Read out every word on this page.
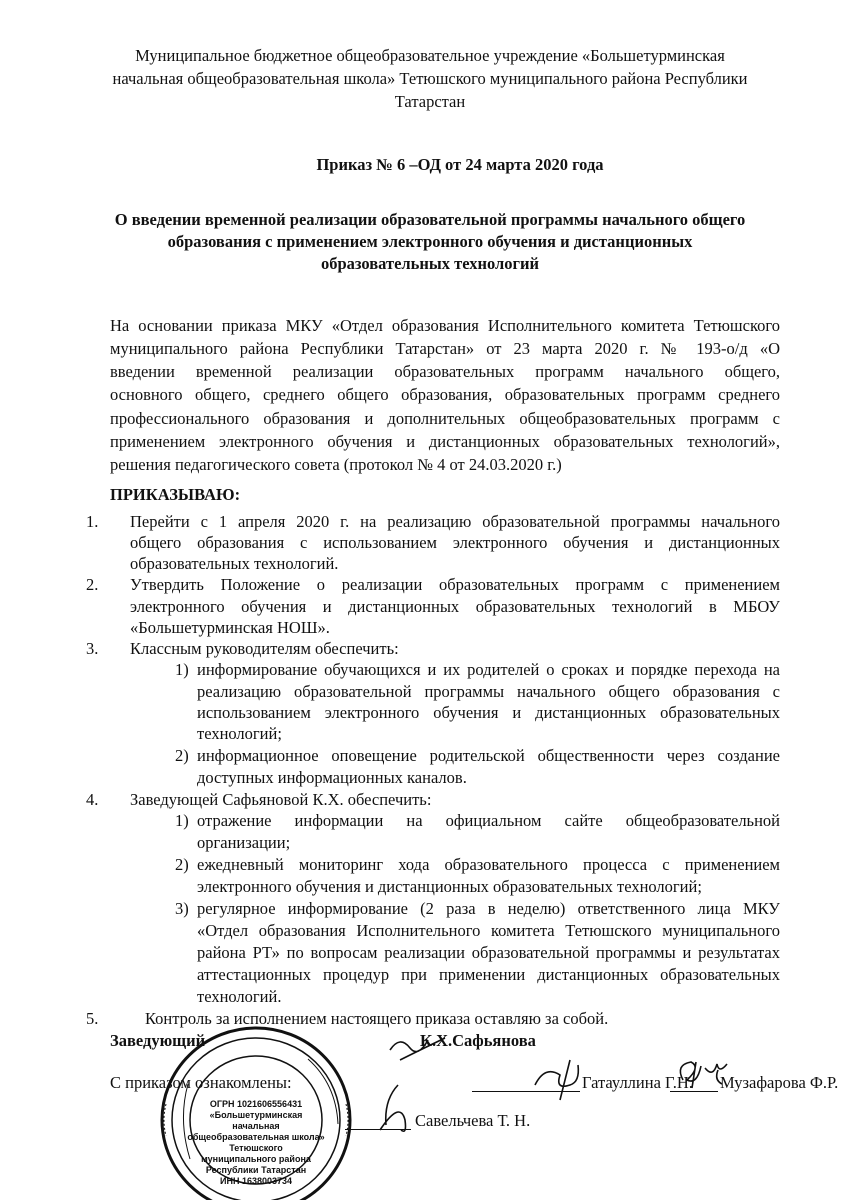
Муниципальное бюджетное общеобразовательное учреждение «Большетурминская
начальная общеобразовательная школа» Тетюшского муниципального района Республики
Татарстан
Приказ № 6 –ОД от 24 марта 2020 года
О введении временной реализации образовательной программы начального общего
образования с применением электронного обучения и дистанционных
образовательных технологий
На основании приказа МКУ «Отдел образования Исполнительного комитета Тетюшского
муниципального района Республики Татарстан» от 23 марта 2020 г. № 193-о/д «О
введении временной реализации образовательных программ начального общего,
основного общего, среднего общего образования, образовательных программ среднего
профессионального образования и дополнительных общеобразовательных программ с
применением электронного обучения и дистанционных образовательных технологий»,
решения педагогического совета (протокол № 4 от 24.03.2020 г.)
ПРИКАЗЫВАЮ:
1. Перейти с 1 апреля 2020 г. на реализацию образовательной программы начального
общего образования с использованием электронного обучения и дистанционных
образовательных технологий.
2. Утвердить Положение о реализации образовательных программ с применением
электронного обучения и дистанционных образовательных технологий в МБОУ
«Большетурминская НОШ».
3. Классным руководителям обеспечить:
1) информирование обучающихся и их родителей о сроках и порядке перехода на
реализацию образовательной программы начального общего образования с
использованием электронного обучения и дистанционных образовательных
технологий;
2) информационное оповещение родительской общественности через создание
доступных информационных каналов.
4. Заведующей Сафьяновой К.Х. обеспечить:
1) отражение информации на официальном сайте общеобразовательной
организации;
2) ежедневный мониторинг хода образовательного процесса с применением
электронного обучения и дистанционных образовательных технологий;
3) регулярное информирование (2 раза в неделю) ответственного лица МКУ
«Отдел образования Исполнительного комитета Тетюшского муниципального
района РТ» по вопросам реализации образовательной программы и результатах
аттестационных процедур при применении дистанционных образовательных
технологий.
5.	Контроль за исполнением настоящего приказа оставляю за собой.
Заведующий	К.Х.Сафьянова
С приказом ознакомлены:	Гатауллина Г.Н. Музафарова Ф.Р.
Савельчева Т. Н.
ОГРН 1021606556431
«Большетурминская
начальная
общеобразовательная школа»
Тетюшского
муниципального района
Республики Татарстан
ИНН 1638003734
